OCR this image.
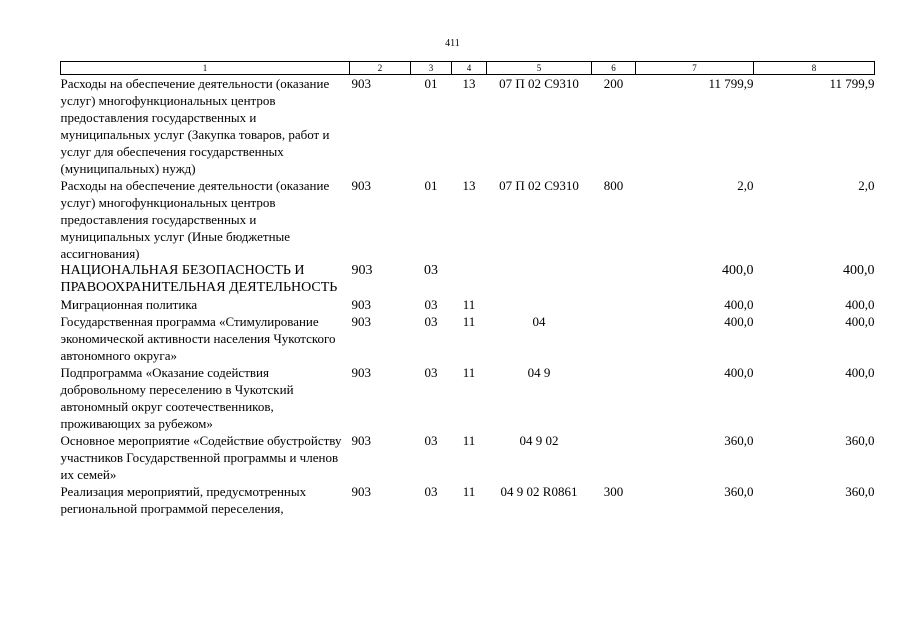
411
1	2	3	4	5	6	7	8
Расходы на обеспечение деятельности (оказание услуг) многофункциональных центров предоставления государственных и муниципальных услуг (Закупка товаров, работ и услуг для обеспечения государственных (муниципальных) нужд)	903	01	13	07 П 02 С9310	200	11 799,9	11 799,9
Расходы на обеспечение деятельности (оказание услуг) многофункциональных центров предоставления государственных и муниципальных услуг (Иные бюджетные ассигнования)	903	01	13	07 П 02 С9310	800	2,0	2,0
НАЦИОНАЛЬНАЯ БЕЗОПАСНОСТЬ И ПРАВООХРАНИТЕЛЬНАЯ ДЕЯТЕЛЬНОСТЬ	903	03				400,0	400,0
Миграционная политика	903	03	11			400,0	400,0
Государственная программа «Стимулирование экономической активности населения Чукотского автономного округа»	903	03	11	04		400,0	400,0
Подпрограмма «Оказание содействия добровольному переселению в Чукотский автономный округ соотечественников, проживающих за рубежом»	903	03	11	04 9		400,0	400,0
Основное мероприятие «Содействие обустройству участников Государственной программы и членов их семей»	903	03	11	04 9 02		360,0	360,0
Реализация мероприятий, предусмотренных региональной программой переселения,	903	03	11	04 9 02 R0861	300	360,0	360,0
